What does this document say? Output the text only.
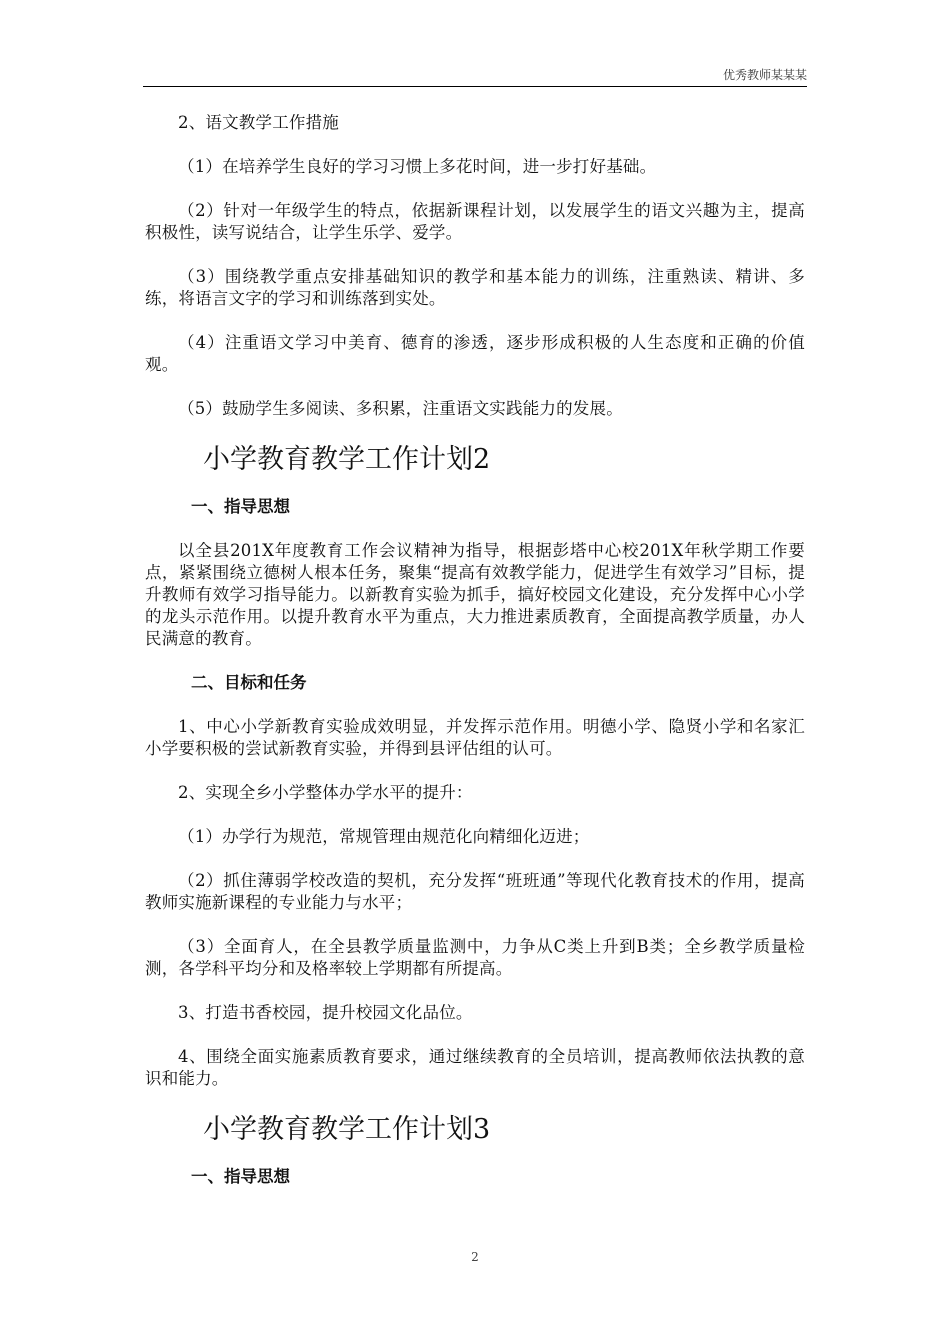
优秀教师某某某

2、语文教学工作措施

（1）在培养学生良好的学习习惯上多花时间，进一步打好基础。

（2）针对一年级学生的特点，依据新课程计划，以发展学生的语文兴趣为主，提高积极性，读写说结合，让学生乐学、爱学。

（3）围绕教学重点安排基础知识的教学和基本能力的训练，注重熟读、精讲、多练，将语言文字的学习和训练落到实处。

（4）注重语文学习中美育、德育的渗透，逐步形成积极的人生态度和正确的价值观。

（5）鼓励学生多阅读、多积累，注重语文实践能力的发展。

小学教育教学工作计划2
一、指导思想

以全县201X年度教育工作会议精神为指导，根据彭塔中心校201X年秋学期工作要点，紧紧围绕立德树人根本任务，聚集“提高有效教学能力，促进学生有效学习”目标，提升教师有效学习指导能力。以新教育实验为抓手，搞好校园文化建设，充分发挥中心小学的龙头示范作用。以提升教育水平为重点，大力推进素质教育，全面提高教学质量，办人民满意的教育。

二、目标和任务

1、中心小学新教育实验成效明显，并发挥示范作用。明德小学、隐贤小学和名家汇小学要积极的尝试新教育实验，并得到县评估组的认可。

2、实现全乡小学整体办学水平的提升：

（1）办学行为规范，常规管理由规范化向精细化迈进；

（2）抓住薄弱学校改造的契机，充分发挥“班班通”等现代化教育技术的作用，提高教师实施新课程的专业能力与水平；

（3）全面育人，在全县教学质量监测中，力争从C类上升到B类；全乡教学质量检测，各学科平均分和及格率较上学期都有所提高。

3、打造书香校园，提升校园文化品位。

4、围绕全面实施素质教育要求，通过继续教育的全员培训，提高教师依法执教的意识和能力。

小学教育教学工作计划3
一、指导思想
2
